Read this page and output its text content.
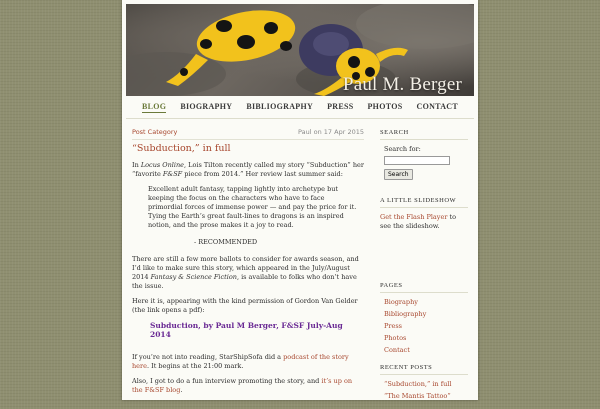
Paul M. Berger
BLOG BIOGRAPHY BIBLIOGRAPHY PRESS PHOTOS CONTACT
Post Category	Paul on 17 Apr 2015
“Subduction,” in full

In Locus Online, Lois Tilton recently called my story “Subduction” her “favorite F&SF piece from 2014.” Her review last summer said:

Excellent adult fantasy, tapping lightly into archetype but keeping the focus on the characters who have to face primordial forces of immense power — and pay the price for it. Tying the Earth’s great fault-lines to dragons is an inspired notion, and the prose makes it a joy to read.
- RECOMMENDED

There are still a few more ballots to consider for awards season, and I’d like to make sure this story, which appeared in the July/August 2014 Fantasy & Science Fiction, is available to folks who don’t have the issue.

Here it is, appearing with the kind permission of Gordon Van Gelder (the link opens a pdf):

Subduction, by Paul M Berger, F&SF July-Aug 2014

If you’re not into reading, StarShipSofa did a podcast of the story here. It begins at the 21:00 mark.

Also, I got to do a fun interview promoting the story, and it’s up on the F&SF blog.

SEARCH
Search for:
Search
A LITTLE SLIDESHOW
Get the Flash Player to see the slideshow.
PAGES
Biography
Bibliography
Press
Photos
Contact
RECENT POSTS
“Subduction,” in full
“The Mantis Tattoo”
